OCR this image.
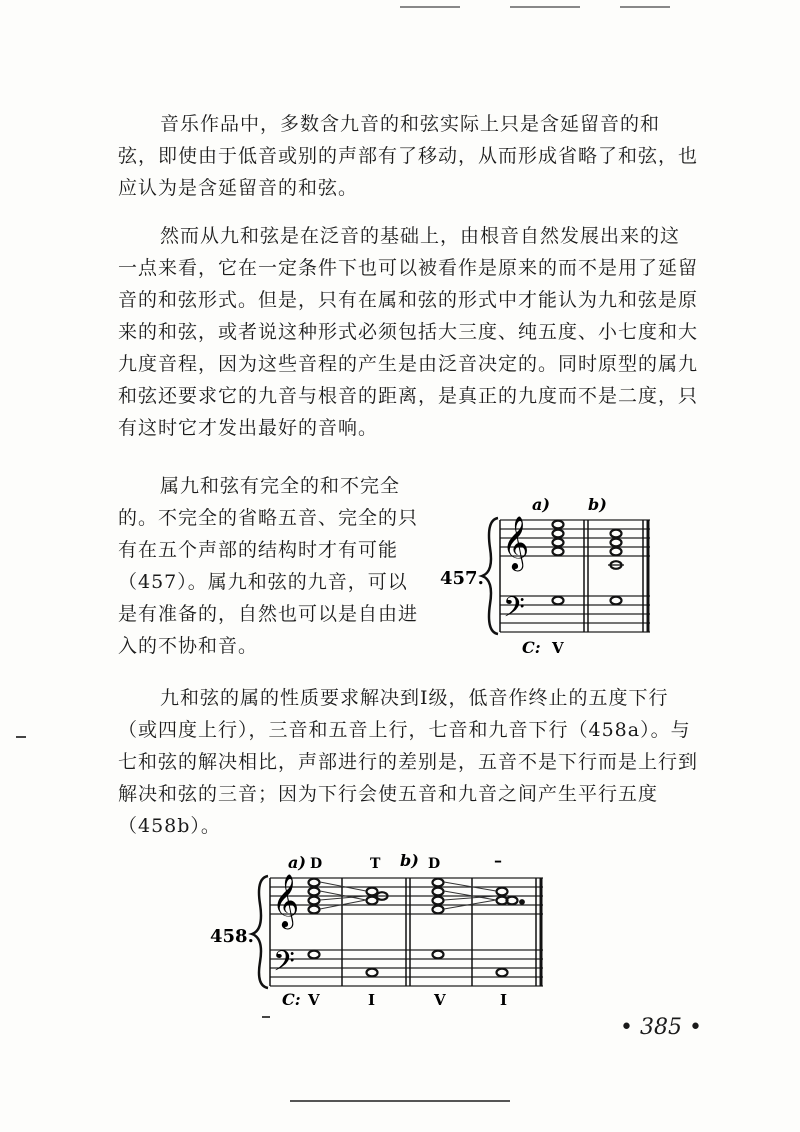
音乐作品中，多数含九音的和弦实际上只是含延留音的和弦，即使由于低音或别的声部有了移动，从而形成省略了和弦，也应认为是含延留音的和弦。

然而从九和弦是在泛音的基础上，由根音自然发展出来的这一点来看，它在一定条件下也可以被看作是原来的而不是用了延留音的和弦形式。但是，只有在属和弦的形式中才能认为九和弦是原来的和弦，或者说这种形式必须包括大三度、纯五度、小七度和大九度音程，因为这些音程的产生是由泛音决定的。同时原型的属九和弦还要求它的九音与根音的距离，是真正的九度而不是二度，只有这时它才发出最好的音响。

属九和弦有完全的和不完全的。不完全的省略五音、完全的只有在五个声部的结构时才有可能（457）。属九和弦的九音，可以是有准备的，自然也可以是自由进入的不协和音。

九和弦的属的性质要求解决到Ⅰ级，低音作终止的五度下行（或四度上行），三音和五音上行，七音和九音下行（458a）。与七和弦的解决相比，声部进行的差别是，五音不是下行而是上行到解决和弦的三音；因为下行会使五音和九音之间产生平行五度（458b）。

457.
𝄞
𝄢
a) b)
C: V
458.
𝄞
𝄢
a) D	T b) D	–
C: V	I	V	I
• 385 •
